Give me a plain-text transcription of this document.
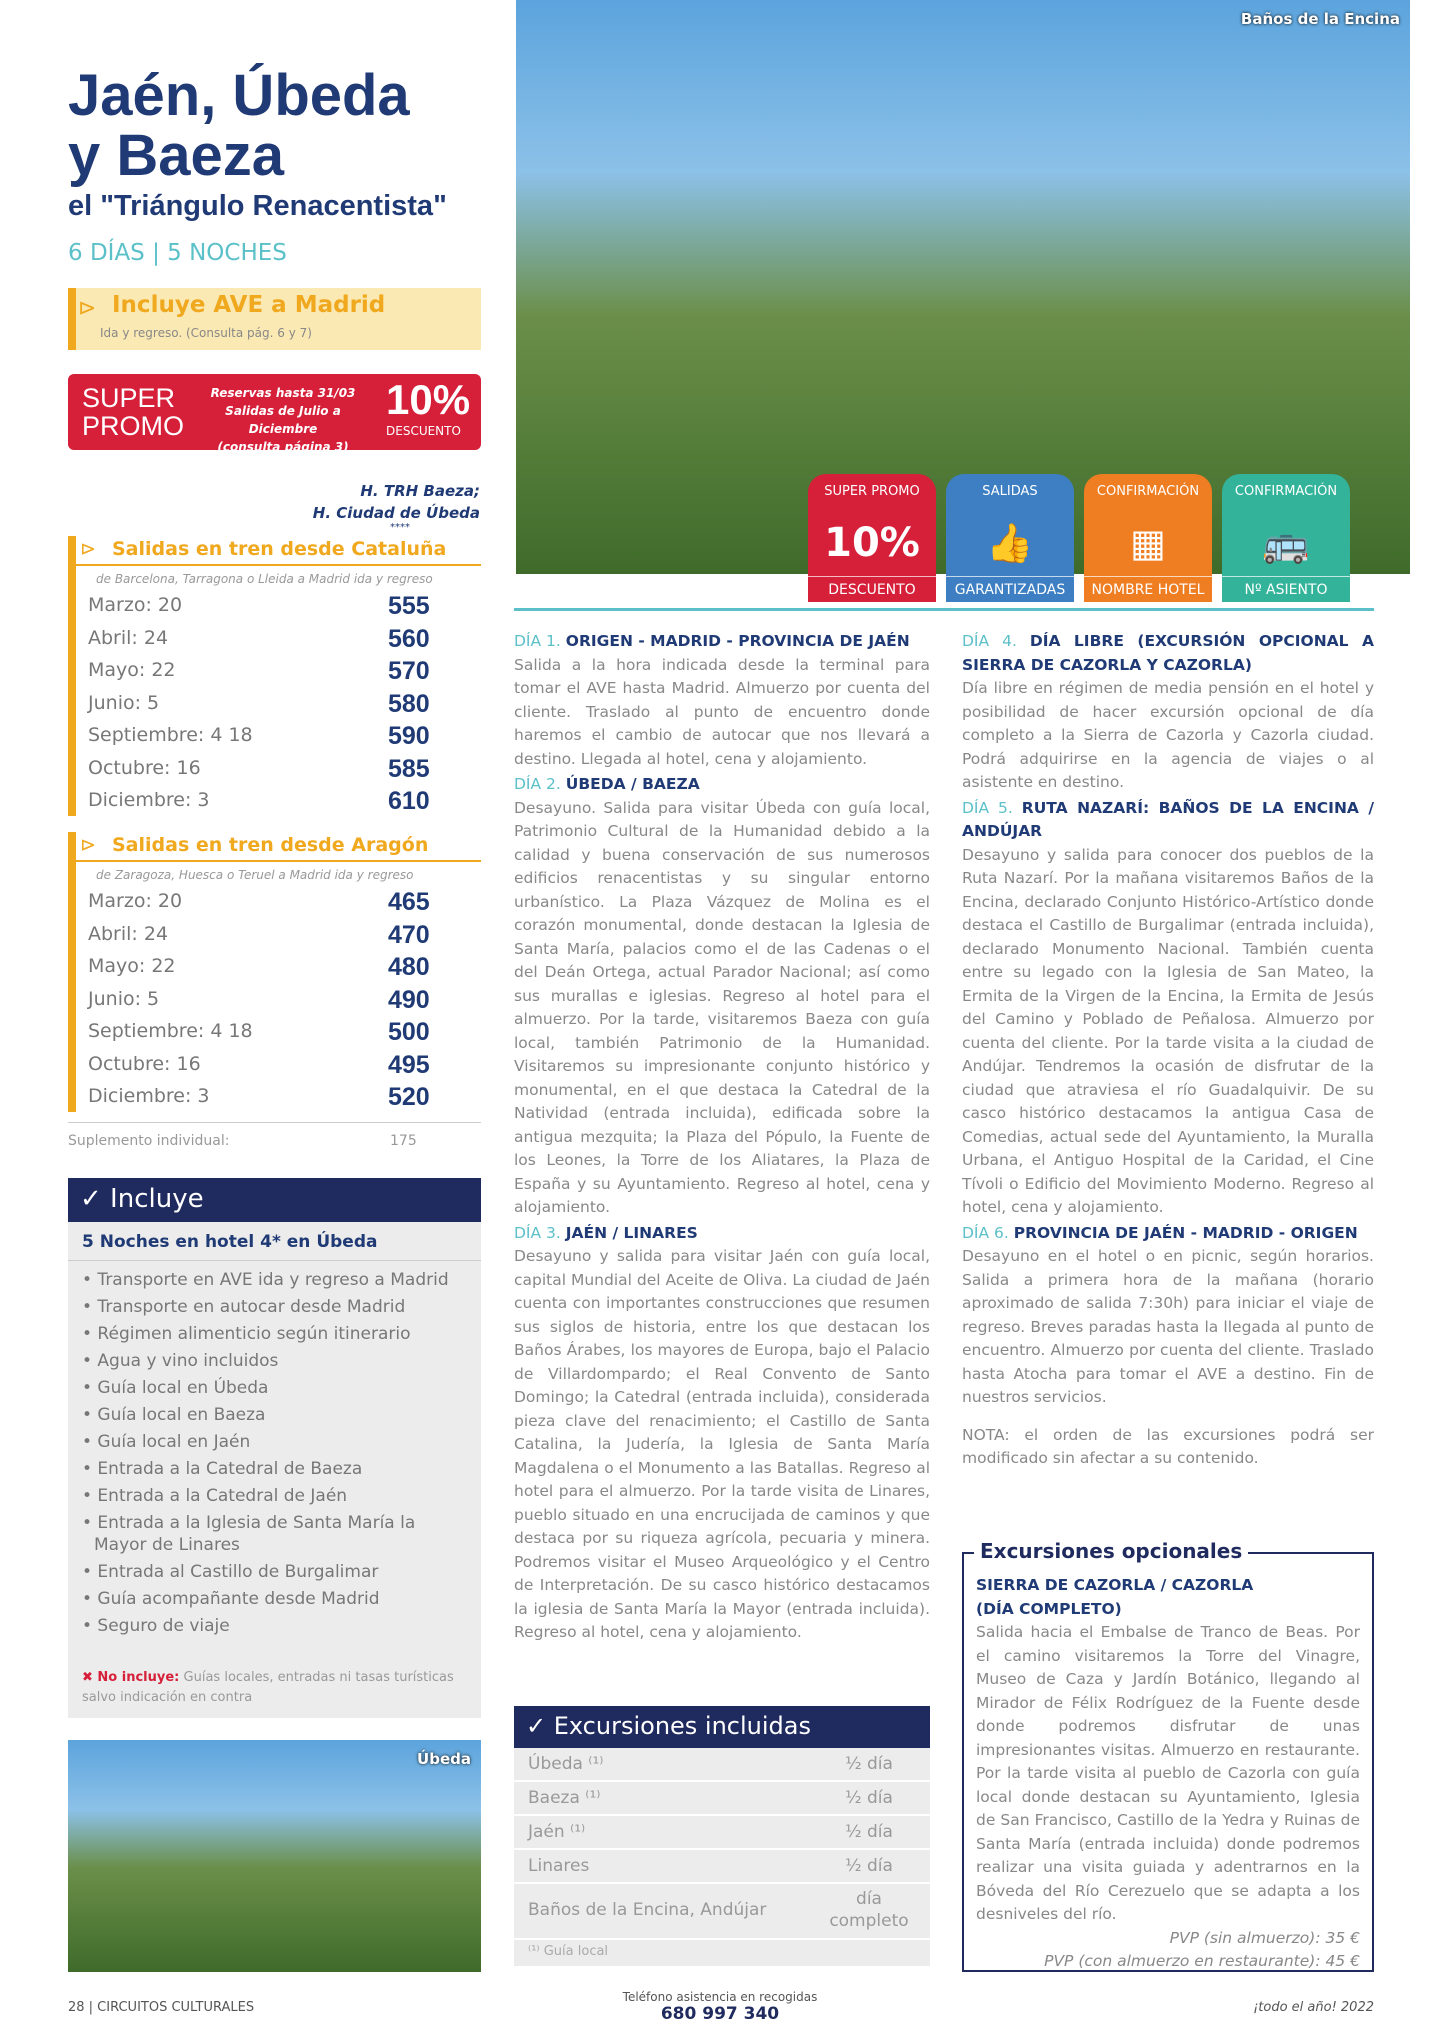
Jaén, Úbeda
y Baeza
el "Triángulo Renacentista"
6 DÍAS | 5 NOCHES
⊳ Incluye AVE a Madrid
Ida y regreso. (Consulta pág. 6 y 7)
SUPER
PROMO
Reservas hasta 31/03
Salidas de Julio a Diciembre
(consulta página 3)
10%
DESCUENTO
H. TRH Baeza;
H. Ciudad de Úbeda
****
⊳ Salidas en tren desde Cataluña
de Barcelona, Tarragona o Lleida a Madrid ida y regreso
Marzo: 20	555
Abril: 24	560
Mayo: 22	570
Junio: 5	580
Septiembre: 4 18	590
Octubre: 16	585
Diciembre: 3	610
⊳ Salidas en tren desde Aragón
de Zaragoza, Huesca o Teruel a Madrid ida y regreso
Marzo: 20	465
Abril: 24	470
Mayo: 22	480
Junio: 5	490
Septiembre: 4 18	500
Octubre: 16	495
Diciembre: 3	520
Suplemento individual:	175
✓ Incluye
5 Noches en hotel 4* en Úbeda
• Transporte en AVE ida y regreso a Madrid
• Transporte en autocar desde Madrid
• Régimen alimenticio según itinerario
• Agua y vino incluidos
• Guía local en Úbeda
• Guía local en Baeza
• Guía local en Jaén
• Entrada a la Catedral de Baeza
• Entrada a la Catedral de Jaén
• Entrada a la Iglesia de Santa María la Mayor de Linares
• Entrada al Castillo de Burgalimar
• Guía acompañante desde Madrid
• Seguro de viaje
✖ No incluye: Guías locales, entradas ni tasas turísticas salvo indicación en contra
Úbeda
Baños de la Encina
SUPER PROMO
10%
DESCUENTO
SALIDAS
👍
GARANTIZADAS
CONFIRMACIÓN
▦
NOMBRE HOTEL
CONFIRMACIÓN
🚌
Nº ASIENTO
DÍA 1. ORIGEN - MADRID - PROVINCIA DE JAÉN

Salida a la hora indicada desde la terminal para tomar el AVE hasta Madrid. Almuerzo por cuenta del cliente. Traslado al punto de encuentro donde haremos el cambio de autocar que nos llevará a destino. Llegada al hotel, cena y alojamiento.

DÍA 2. ÚBEDA / BAEZA

Desayuno. Salida para visitar Úbeda con guía local, Patrimonio Cultural de la Humanidad debido a la calidad y buena conservación de sus numerosos edificios renacentistas y su singular entorno urbanístico. La Plaza Vázquez de Molina es el corazón monumental, donde destacan la Iglesia de Santa María, palacios como el de las Cadenas o el del Deán Ortega, actual Parador Nacional; así como sus murallas e iglesias. Regreso al hotel para el almuerzo. Por la tarde, visitaremos Baeza con guía local, también Patrimonio de la Humanidad. Visitaremos su impresionante conjunto histórico y monumental, en el que destaca la Catedral de la Natividad (entrada incluida), edificada sobre la antigua mezquita; la Plaza del Pópulo, la Fuente de los Leones, la Torre de los Aliatares, la Plaza de España y su Ayuntamiento. Regreso al hotel, cena y alojamiento.

DÍA 3. JAÉN / LINARES

Desayuno y salida para visitar Jaén con guía local, capital Mundial del Aceite de Oliva. La ciudad de Jaén cuenta con importantes construcciones que resumen sus siglos de historia, entre los que destacan los Baños Árabes, los mayores de Europa, bajo el Palacio de Villardompardo; el Real Convento de Santo Domingo; la Catedral (entrada incluida), considerada pieza clave del renacimiento; el Castillo de Santa Catalina, la Judería, la Iglesia de Santa María Magdalena o el Monumento a las Batallas. Regreso al hotel para el almuerzo. Por la tarde visita de Linares, pueblo situado en una encrucijada de caminos y que destaca por su riqueza agrícola, pecuaria y minera. Podremos visitar el Museo Arqueológico y el Centro de Interpretación. De su casco histórico destacamos la iglesia de Santa María la Mayor (entrada incluida). Regreso al hotel, cena y alojamiento.

DÍA 4. DÍA LIBRE (EXCURSIÓN OPCIONAL A SIERRA DE CAZORLA Y CAZORLA)

Día libre en régimen de media pensión en el hotel y posibilidad de hacer excursión opcional de día completo a la Sierra de Cazorla y Cazorla ciudad. Podrá adquirirse en la agencia de viajes o al asistente en destino.

DÍA 5. RUTA NAZARÍ: BAÑOS DE LA ENCINA / ANDÚJAR

Desayuno y salida para conocer dos pueblos de la Ruta Nazarí. Por la mañana visitaremos Baños de la Encina, declarado Conjunto Histórico-Artístico donde destaca el Castillo de Burgalimar (entrada incluida), declarado Monumento Nacional. También cuenta entre su legado con la Iglesia de San Mateo, la Ermita de la Virgen de la Encina, la Ermita de Jesús del Camino y Poblado de Peñalosa. Almuerzo por cuenta del cliente. Por la tarde visita a la ciudad de Andújar. Tendremos la ocasión de disfrutar de la ciudad que atraviesa el río Guadalquivir. De su casco histórico destacamos la antigua Casa de Comedias, actual sede del Ayuntamiento, la Muralla Urbana, el Antiguo Hospital de la Caridad, el Cine Tívoli o Edificio del Movimiento Moderno. Regreso al hotel, cena y alojamiento.

DÍA 6. PROVINCIA DE JAÉN - MADRID - ORIGEN

Desayuno en el hotel o en picnic, según horarios. Salida a primera hora de la mañana (horario aproximado de salida 7:30h) para iniciar el viaje de regreso. Breves paradas hasta la llegada al punto de encuentro. Almuerzo por cuenta del cliente. Traslado hasta Atocha para tomar el AVE a destino. Fin de nuestros servicios.

NOTA: el orden de las excursiones podrá ser modificado sin afectar a su contenido.

✓ Excursiones incluidas
Úbeda ⁽¹⁾	½ día
Baeza ⁽¹⁾	½ día
Jaén ⁽¹⁾	½ día
Linares	½ día
Baños de la Encina, Andújar
día completo
⁽¹⁾ Guía local
Excursiones opcionales
SIERRA DE CAZORLA / CAZORLA
(DÍA COMPLETO)
Salida hacia el Embalse de Tranco de Beas. Por el camino visitaremos la Torre del Vinagre, Museo de Caza y Jardín Botánico, llegando al Mirador de Félix Rodríguez de la Fuente desde donde podremos disfrutar de unas impresionantes visitas. Almuerzo en restaurante. Por la tarde visita al pueblo de Cazorla con guía local donde destacan su Ayuntamiento, Iglesia de San Francisco, Castillo de la Yedra y Ruinas de Santa María (entrada incluida) donde podremos realizar una visita guiada y adentrarnos en la Bóveda del Río Cerezuelo que se adapta a los desniveles del río.
PVP (sin almuerzo): 35 €
PVP (con almuerzo en restaurante): 45 €
28 | CIRCUITOS CULTURALES
Teléfono asistencia en recogidas
680 997 340	¡todo el año! 2022
